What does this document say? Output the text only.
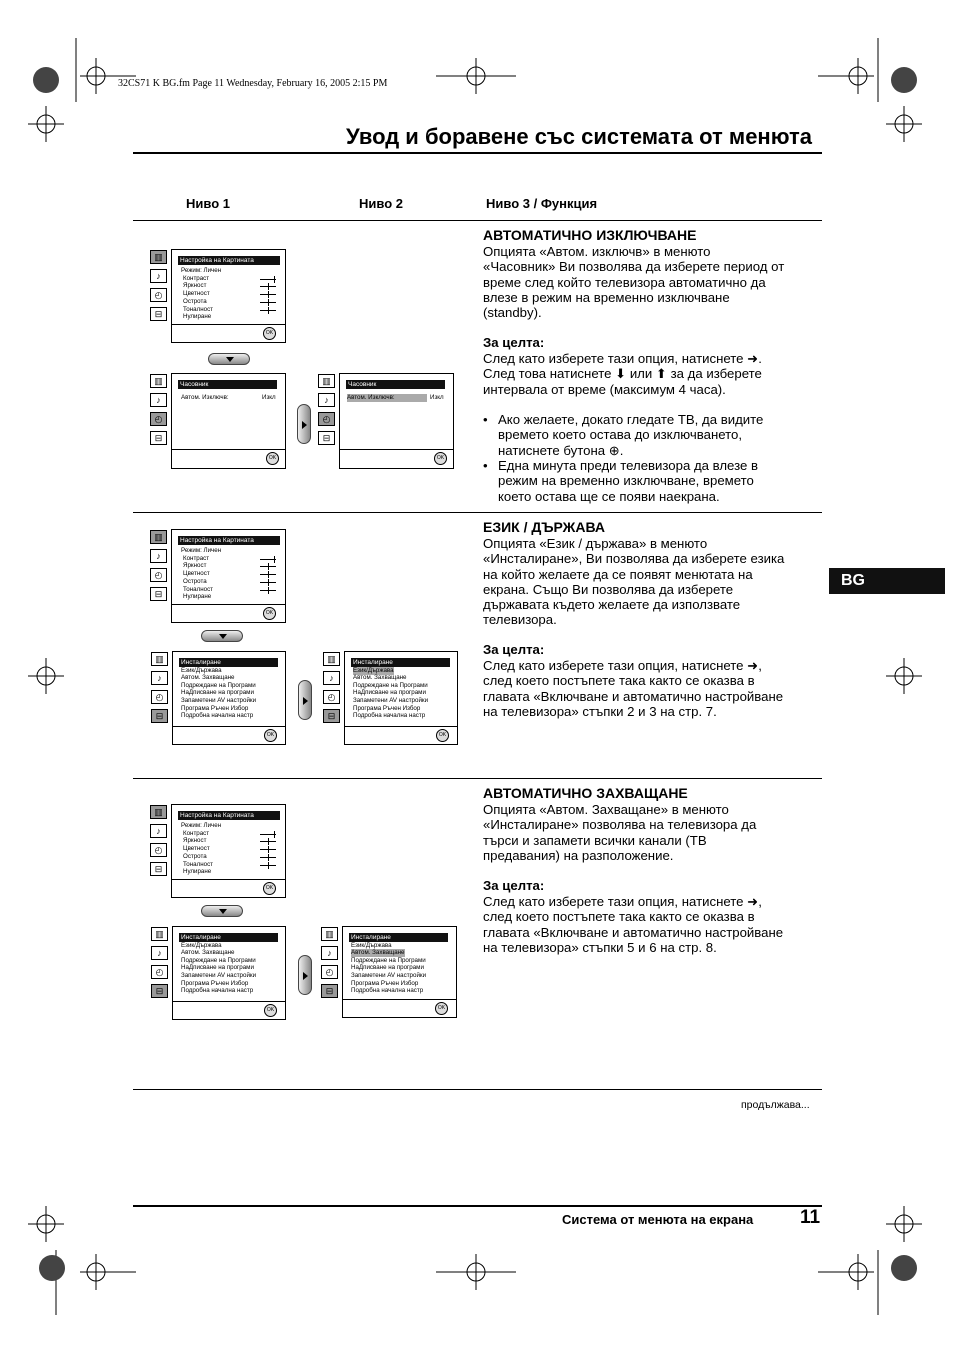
32CS71 K BG.fm Page 11 Wednesday, February 16, 2005 2:15 PM
Увод и боравене със системата от менюта
Ниво 1	Ниво 2	Ниво 3 / Функция
BG
АВТОМАТИЧНО ИЗКЛЮЧВАНЕ
Опцията «Автом. изключв» в менюто
«Часовник» Ви позволява да изберете период от
време след който телевизора автоматично да
влезе в режим на временно изключване
(standby).
За целта:
След като изберете тази опция, натиснете ➜.
След това натиснете ⬇ или ⬆ за да изберете
интервала от време (максимум 4 часа).
• Ако желаете, докато гледате ТВ, да видите
времето което остава до изключването,
натиснете бутона ⊕.
• Една минута преди телевизора да влезе в
режим на временно изключване, времето
което остава ще се появи наекрана.
ЕЗИК / ДЪРЖАВА
Опцията «Език / държава» в менюто
«Инсталиране», Ви позволява да изберете езика
на който желаете да се появят менютата на
екрана. Също Ви позволява да изберете
държавата където желаете да използвате
телевизора.
За целта:
След като изберете тази опция, натиснете ➜,
след което постъпете така както се оказва в
главата «Включване и автоматично настройване
на телевизора» стъпки 2 и 3 на стр. 7.
АВТОМАТИЧНО ЗАХВАЩАНЕ
Опцията «Автом. Захващане» в менюто
«Инсталиране» позволява на телевизора да
търси и запамети всички канали (ТВ
предавания) на разположение.
За целта:
След като изберете тази опция, натиснете ➜,
след което постъпете така както се оказва в
главата «Включване и автоматично настройване
на телевизора» стъпки 5 и 6 на стр. 8.
▥
♪
◴
⊟
Настройка на Картината
Режим: Личен
Контраст
Яркност
Цветност
Острота
Тоналност
Нулиране
OK
▥
♪
◴
⊟
Часовник
Автом. Изключв:	Изкл
OK
▥
♪
◴
⊟
Часовник
Автом. Изключв:	Изкл
OK
▥
♪
◴
⊟
Настройка на Картината
Режим: Личен
Контраст
Яркност
Цветност
Острота
Тоналност
Нулиране
OK
▥
♪
◴
⊟
Инсталиране
Език/Държава
Автом. Захващане
Подреждане на Програми
НаДписване на програми
Запаметени AV настройки
Програма Ръчен Избор
Подробна начална настр
OK
▥
♪
◴
⊟
Инсталиране
Език/Държава
Автом. Захващане
Подреждане на Програми
НаДписване на програми
Запаметени AV настройки
Програма Ръчен Избор
Подробна начална настр
OK
▥
♪
◴
⊟
Настройка на Картината
Режим: Личен
Контраст
Яркност
Цветност
Острота
Тоналност
Нулиране
OK
▥
♪
◴
⊟
Инсталиране
Език/Държава
Автом. Захващане
Подреждане на Програми
НаДписване на програми
Запаметени AV настройки
Програма Ръчен Избор
Подробна начална настр
OK
▥
♪
◴
⊟
Инсталиране
Език/Държава
Автом. Захващане
Подреждане на Програми
НаДписване на програми
Запаметени AV настройки
Програма Ръчен Избор
Подробна начална настр
OK
продължава...
Система от менюта на екрана 11
